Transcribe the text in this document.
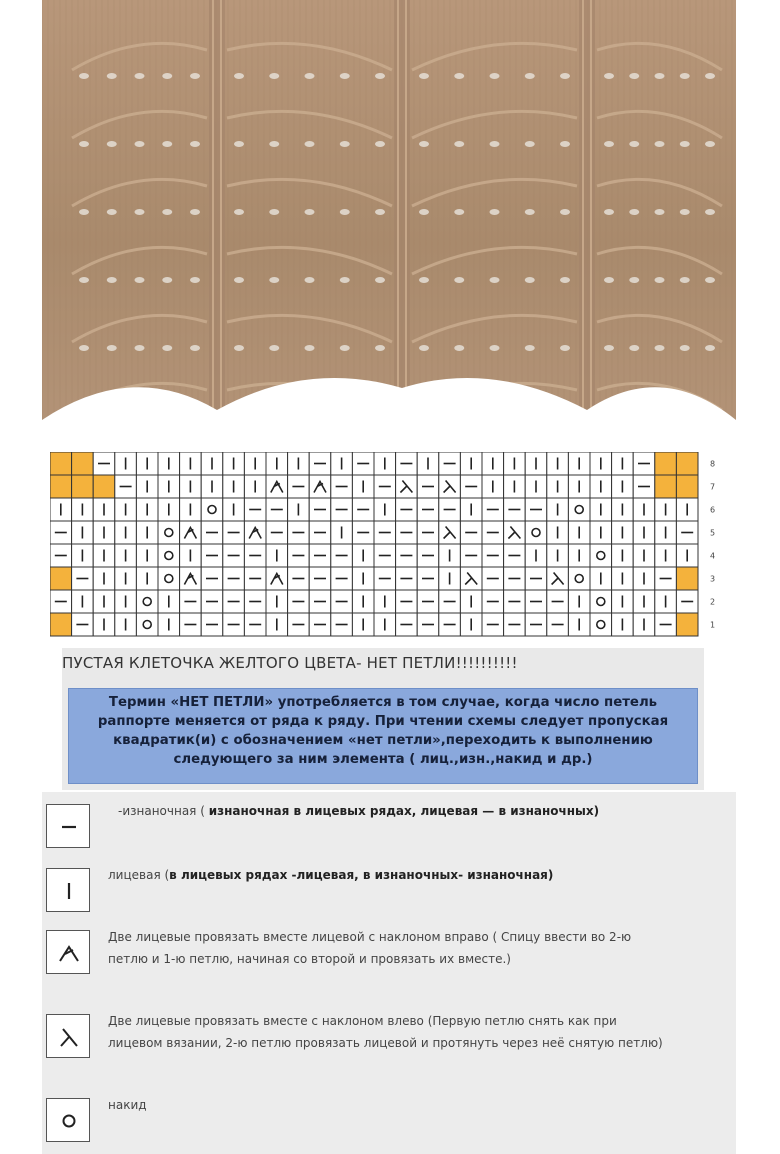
8
7
6
5
4
3
2
1
ПУСТАЯ КЛЕТОЧКА ЖЕЛТОГО ЦВЕТА- НЕТ ПЕТЛИ!!!!!!!!!!
Термин «НЕТ ПЕТЛИ» употребляется в том случае, когда число петель
раппорте меняется от ряда к ряду. При чтении схемы следует пропуская
квадратик(и) с обозначением «нет петли»,переходить к выполнению
следующего за ним элемента ( лиц.,изн.,накид и др.)
-изнаночная ( изнаночная в лицевых рядах, лицевая — в изнаночных)
лицевая (в лицевых рядах -лицевая, в изнаночных- изнаночная)
Две лицевые провязать вместе лицевой с наклоном вправо ( Спицу ввести во 2-ю
петлю и 1-ю петлю, начиная со второй и провязать их вместе.)
Две лицевые провязать вместе с наклоном влево (Первую петлю снять как при
лицевом вязании, 2-ю петлю провязать лицевой и протянуть через неё снятую петлю)
накид
